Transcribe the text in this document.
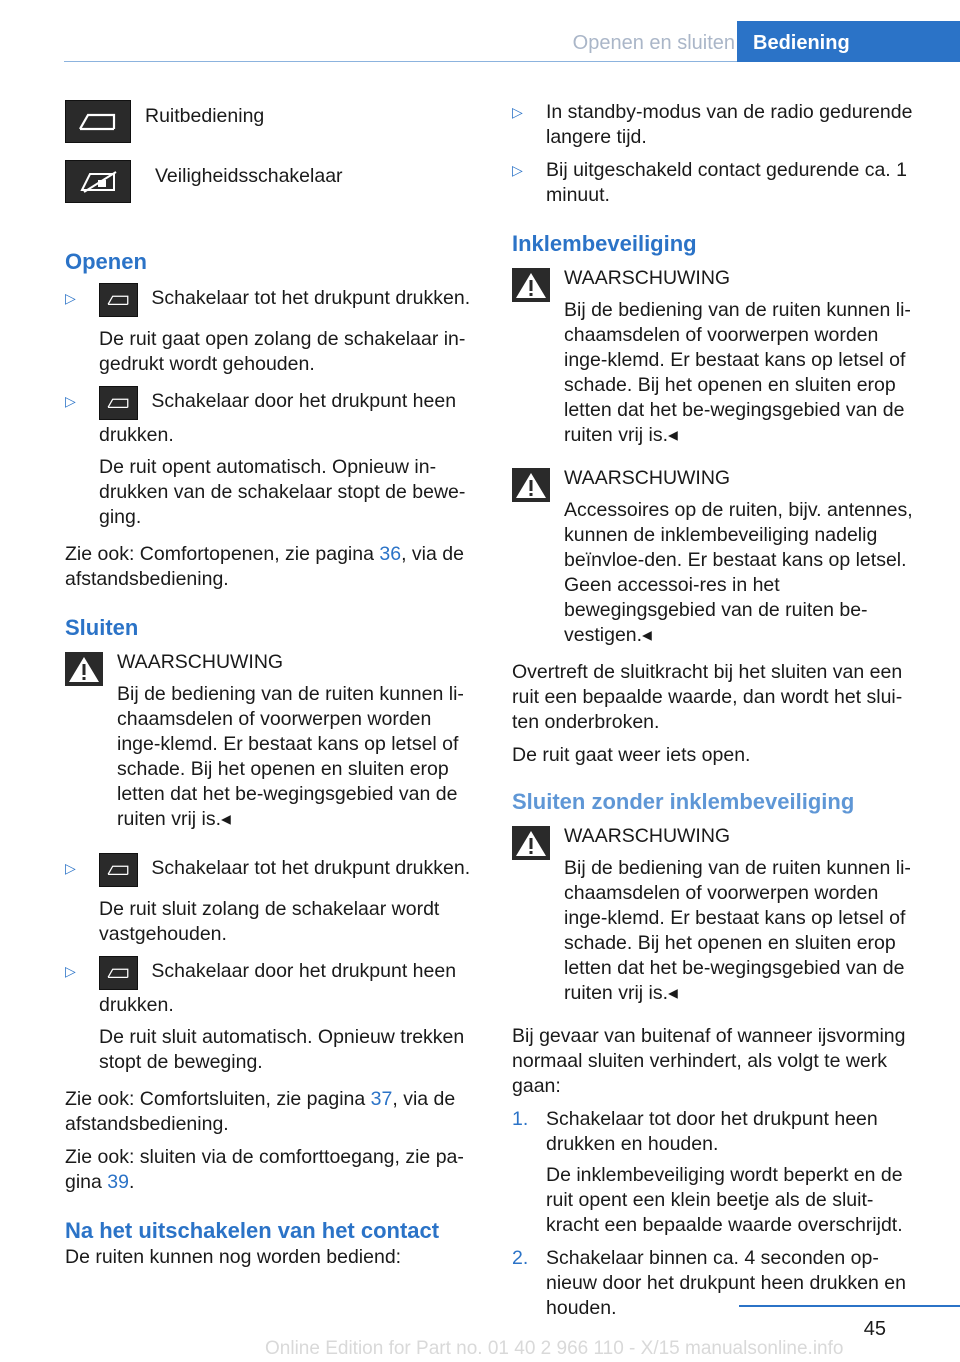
Openen en sluiten Bediening
Ruitbediening
Veiligheidsschakelaar
Openen
▷	Schakelaar tot het drukpunt drukken.
De ruit gaat open zolang de schakelaar in-gedrukt wordt gehouden.
▷	Schakelaar door het drukpunt heen drukken.
De ruit opent automatisch. Opnieuw in-drukken van de schakelaar stopt de bewe-ging.

Zie ook: Comfortopenen, zie pagina 36, via de afstandsbediening.

Sluiten
WAARSCHUWING
Bij de bediening van de ruiten kunnen li-chaamsdelen of voorwerpen worden inge-klemd. Er bestaat kans op letsel of schade. Bij het openen en sluiten erop letten dat het be-wegingsgebied van de ruiten vrij is.◂
▷	Schakelaar tot het drukpunt drukken.
De ruit sluit zolang de schakelaar wordt vastgehouden.
▷	Schakelaar door het drukpunt heen drukken.
De ruit sluit automatisch. Opnieuw trekken stopt de beweging.

Zie ook: Comfortsluiten, zie pagina 37, via de afstandsbediening.

Zie ook: sluiten via de comforttoegang, zie pa-gina 39.

Na het uitschakelen van het contact

De ruiten kunnen nog worden bediend:

▷ In standby-modus van de radio gedurende langere tijd.
▷ Bij uitgeschakeld contact gedurende ca. 1 minuut.
Inklembeveiliging
WAARSCHUWING
Bij de bediening van de ruiten kunnen li-chaamsdelen of voorwerpen worden inge-klemd. Er bestaat kans op letsel of schade. Bij het openen en sluiten erop letten dat het be-wegingsgebied van de ruiten vrij is.◂
WAARSCHUWING
Accessoires op de ruiten, bijv. antennes, kunnen de inklembeveiliging nadelig beïnvloe-den. Er bestaat kans op letsel. Geen accessoi-res in het bewegingsgebied van de ruiten be-vestigen.◂

Overtreft de sluitkracht bij het sluiten van een ruit een bepaalde waarde, dan wordt het slui-ten onderbroken.

De ruit gaat weer iets open.

Sluiten zonder inklembeveiliging
WAARSCHUWING
Bij de bediening van de ruiten kunnen li-chaamsdelen of voorwerpen worden inge-klemd. Er bestaat kans op letsel of schade. Bij het openen en sluiten erop letten dat het be-wegingsgebied van de ruiten vrij is.◂

Bij gevaar van buitenaf of wanneer ijsvorming normaal sluiten verhindert, als volgt te werk gaan:

1. Schakelaar tot door het drukpunt heen drukken en houden.
De inklembeveiliging wordt beperkt en de ruit opent een klein beetje als de sluit-kracht een bepaalde waarde overschrijdt.
2. Schakelaar binnen ca. 4 seconden op-nieuw door het drukpunt heen drukken en houden.
45
Online Edition for Part no. 01 40 2 966 110 - X/15 manualsonline.info
